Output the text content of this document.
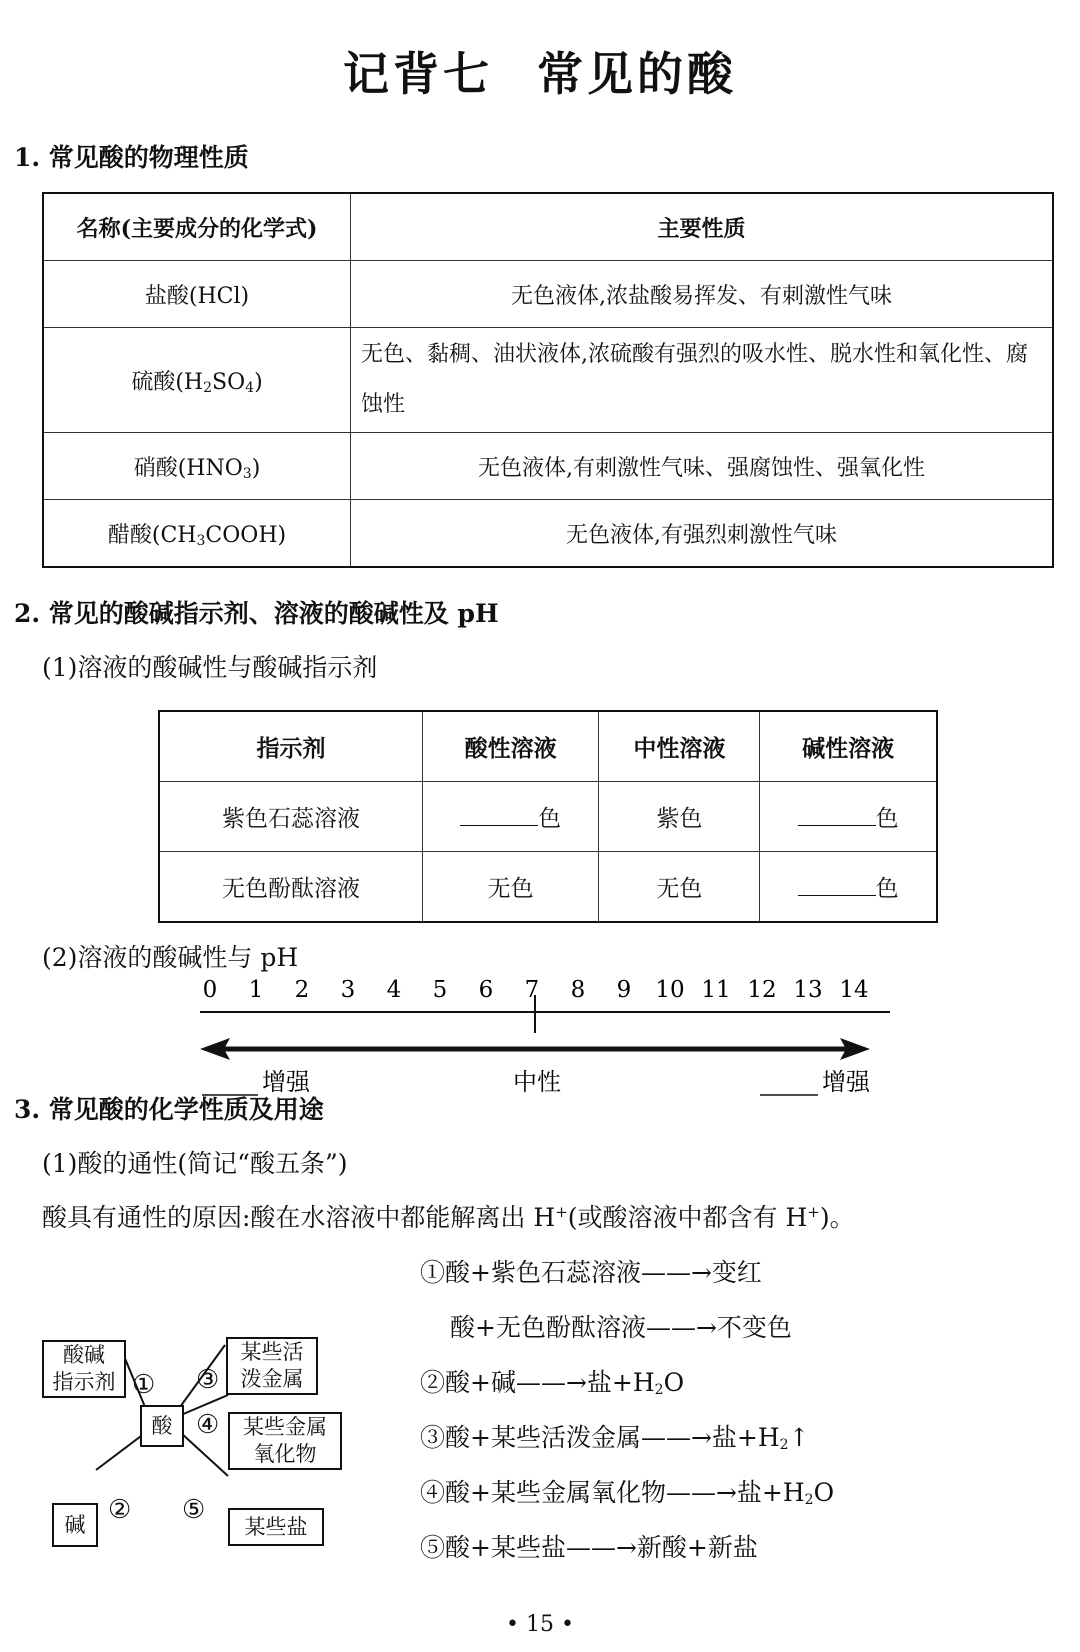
记背七 常见的酸
1. 常见酸的物理性质
名称(主要成分的化学式)	主要性质
盐酸(HCl)	无色液体,浓盐酸易挥发、有刺激性气味
硫酸$(H_2SO_4)$	无色、黏稠、油状液体,浓硫酸有强烈的吸水性、脱水性和氧化性、腐蚀性
硝酸$(HNO_3)$	无色液体,有刺激性气味、强腐蚀性、强氧化性
醋酸$(CH_3COOH)$	无色液体,有强烈刺激性气味
2. 常见的酸碱指示剂、溶液的酸碱性及 pH
(1)溶液的酸碱性与酸碱指示剂
指示剂	酸性溶液	中性溶液	碱性溶液
紫色石蕊溶液	色	紫色	色
无色酚酞溶液	无色	无色	色
(2)溶液的酸碱性与 pH
0 1 2 3 4 5 6 7 8 9 10 11 12 13 14
增强	中性	增强
3. 常见酸的化学性质及用途
(1)酸的通性(简记“酸五条”)
酸具有通性的原因:酸在水溶液中都能解离出 H+(或酸溶液中都含有 H+)。
酸碱
指示剂
某些活
泼金属
酸	某些金属
氧化物
碱	某些盐
①
②
③
④
⑤
①酸+紫色石蕊溶液——→变红
酸+无色酚酞溶液——→不变色
②酸+碱——→盐$+H_2O$
③酸+某些活泼金属——→盐$+H_2↑$
④酸+某些金属氧化物——→盐$+H_2O$
⑤酸+某些盐——→新酸+新盐
• 15 •
